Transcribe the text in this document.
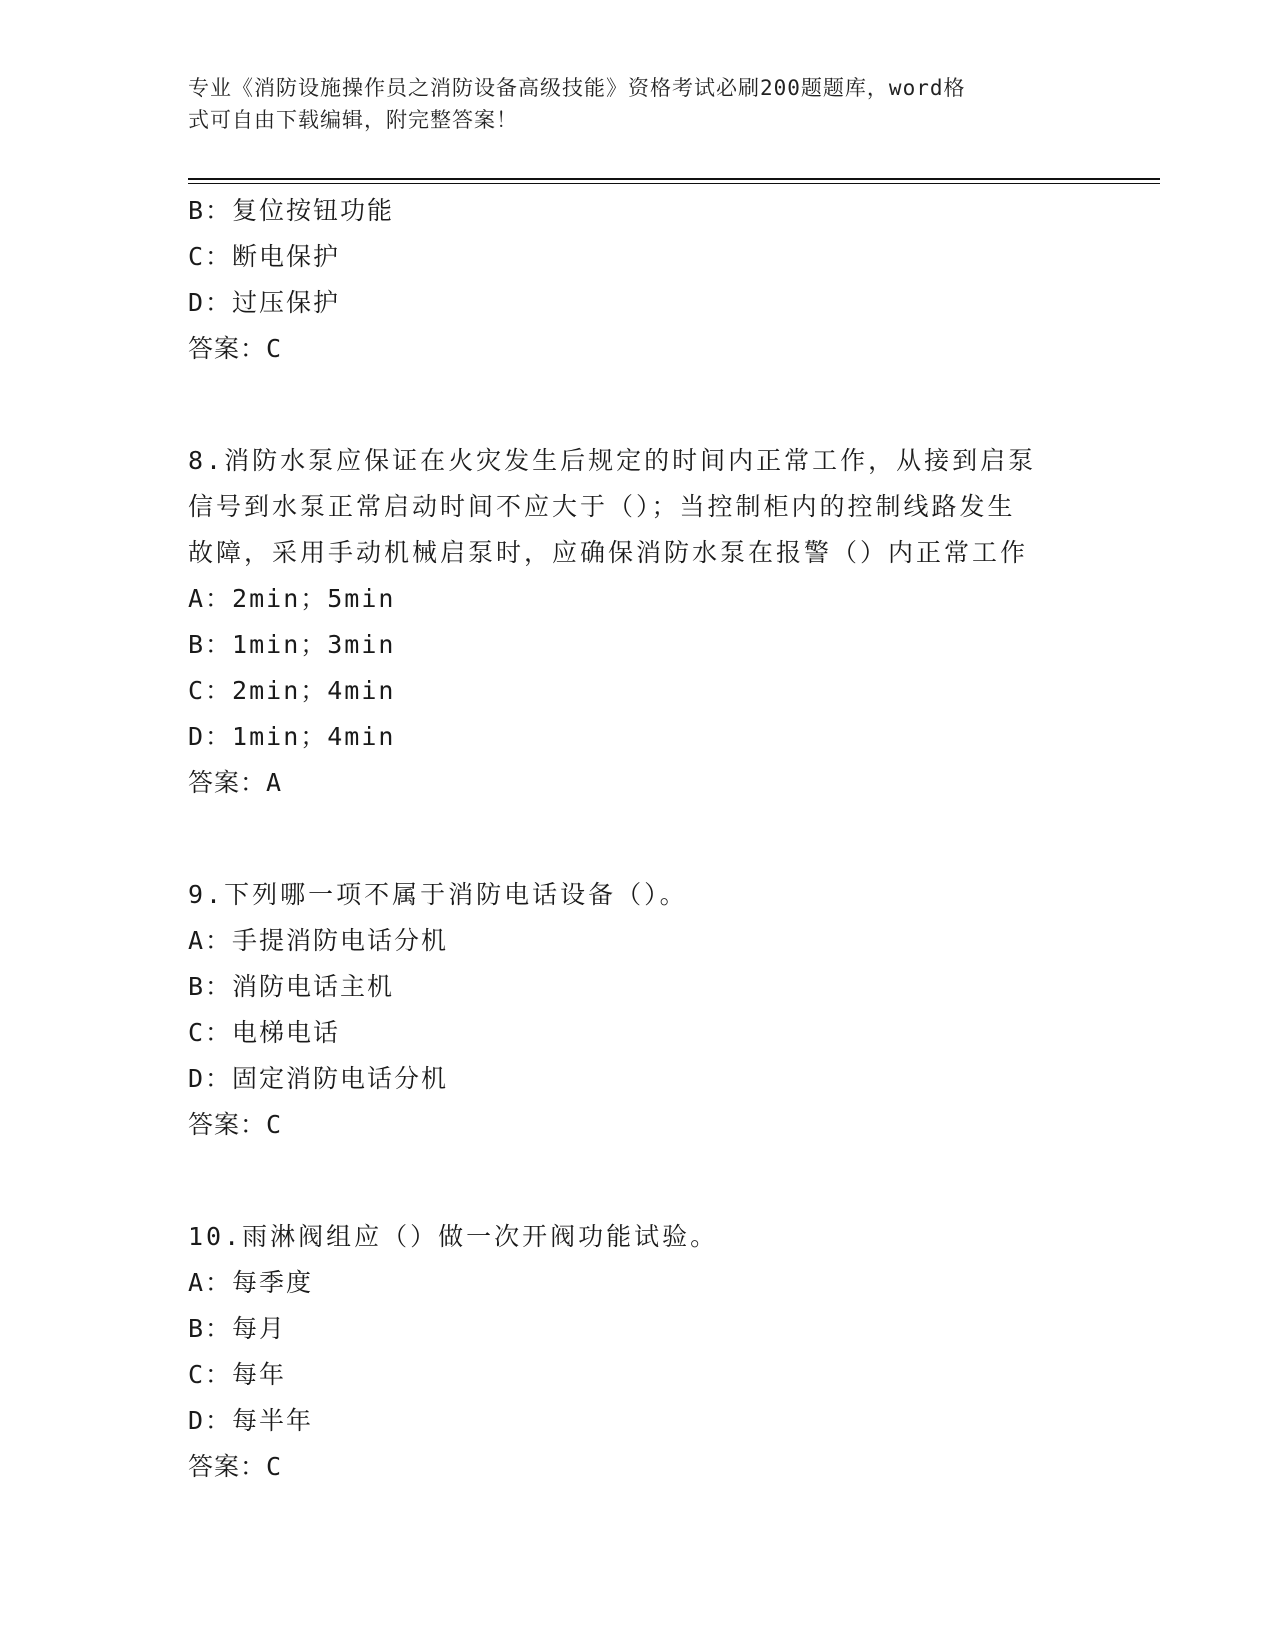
专业《消防设施操作员之消防设备高级技能》资格考试必刷200题题库，word格
式可自由下载编辑，附完整答案！
B：复位按钮功能
C：断电保护
D：过压保护
答案：C
8.消防水泵应保证在火灾发生后规定的时间内正常工作，从接到启泵
信号到水泵正常启动时间不应大于（）；当控制柜内的控制线路发生
故障，采用手动机械启泵时，应确保消防水泵在报警（）内正常工作
A：2min；5min
B：1min；3min
C：2min；4min
D：1min；4min
答案：A
9.下列哪一项不属于消防电话设备（）。
A：手提消防电话分机
B：消防电话主机
C：电梯电话
D：固定消防电话分机
答案：C
10.雨淋阀组应（）做一次开阀功能试验。
A：每季度
B：每月
C：每年
D：每半年
答案：C
